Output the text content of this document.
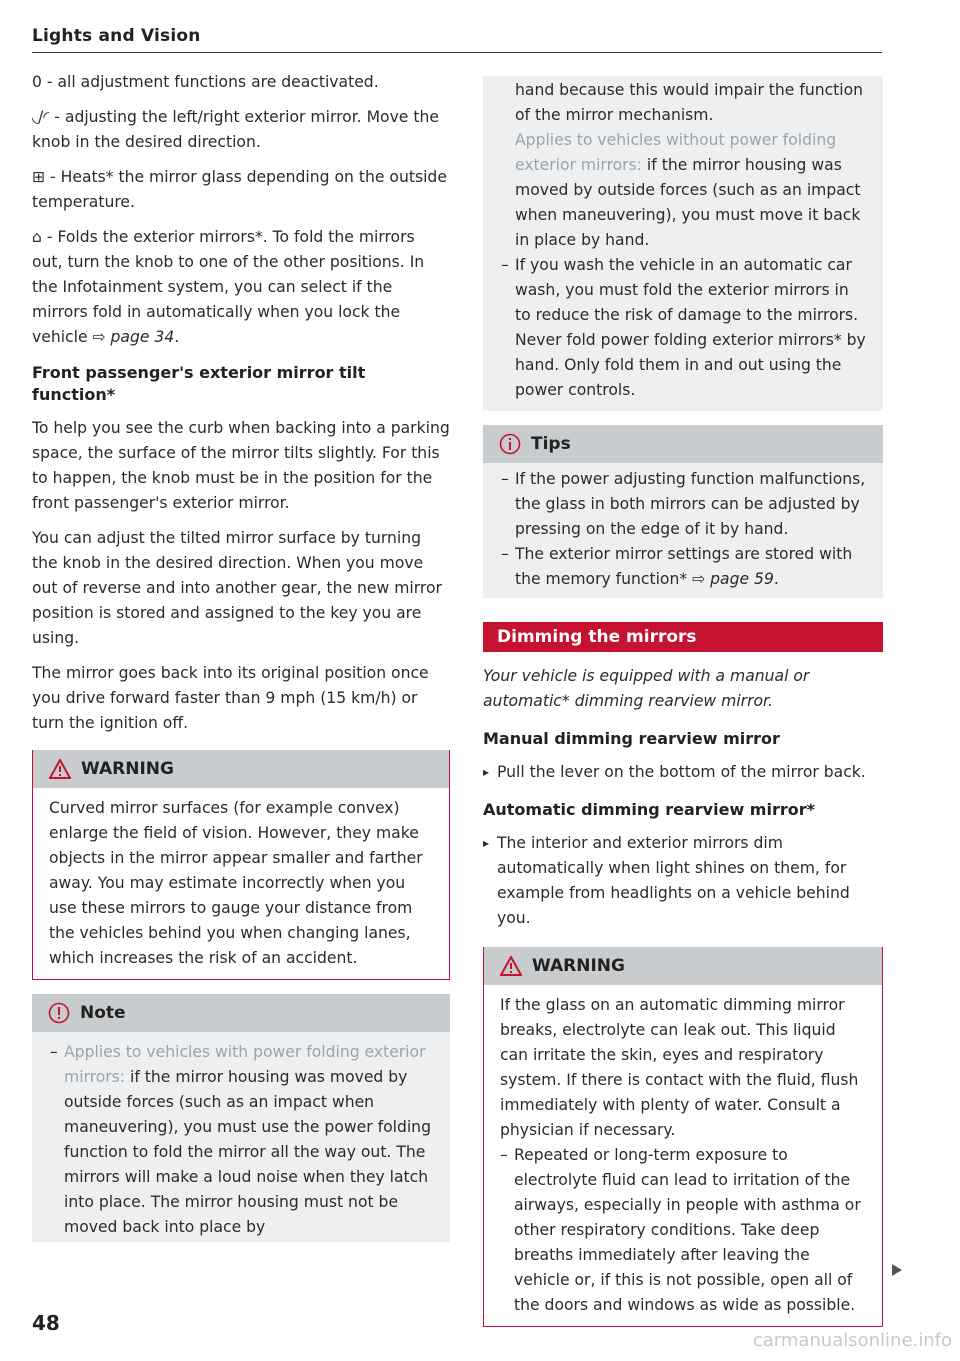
Lights and Vision

0 - all adjustment functions are deactivated.

◟/◜ - adjusting the left/right exterior mirror. Move the knob in the desired direction.

⊞ - Heats* the mirror glass depending on the outside temperature.

⌂ - Folds the exterior mirrors*. To fold the mirrors out, turn the knob to one of the other positions. In the Infotainment system, you can select if the mirrors fold in automatically when you lock the vehicle ⇨ page 34.

Front passenger's exterior mirror tilt function*

To help you see the curb when backing into a parking space, the surface of the mirror tilts slightly. For this to happen, the knob must be in the position for the front passenger's exterior mirror.

You can adjust the tilted mirror surface by turning the knob in the desired direction. When you move out of reverse and into another gear, the new mirror position is stored and assigned to the key you are using.

The mirror goes back into its original position once you drive forward faster than 9 mph (15 km/h) or turn the ignition off.

WARNING

Curved mirror surfaces (for example convex) enlarge the field of vision. However, they make objects in the mirror appear smaller and farther away. You may estimate incorrectly when you use these mirrors to gauge your distance from the vehicles behind you when changing lanes, which increases the risk of an accident.

Note
– Applies to vehicles with power folding exterior mirrors: if the mirror housing was moved by outside forces (such as an impact when maneuvering), you must use the power folding function to fold the mirror all the way out. The mirrors will make a loud noise when they latch into place. The mirror housing must not be moved back into place by
hand because this would impair the function of the mirror mechanism.
Applies to vehicles without power folding exterior mirrors: if the mirror housing was moved by outside forces (such as an impact when maneuvering), you must move it back in place by hand.
– If you wash the vehicle in an automatic car wash, you must fold the exterior mirrors in to reduce the risk of damage to the mirrors. Never fold power folding exterior mirrors* by hand. Only fold them in and out using the power controls.
Tips
– If the power adjusting function malfunctions, the glass in both mirrors can be adjusted by pressing on the edge of it by hand.
– The exterior mirror settings are stored with the memory function* ⇨ page 59.
Dimming the mirrors

Your vehicle is equipped with a manual or automatic* dimming rearview mirror.

Manual dimming rearview mirror
▸ Pull the lever on the bottom of the mirror back.
Automatic dimming rearview mirror*
▸ The interior and exterior mirrors dim automatically when light shines on them, for example from headlights on a vehicle behind you.
WARNING

If the glass on an automatic dimming mirror breaks, electrolyte can leak out. This liquid can irritate the skin, eyes and respiratory system. If there is contact with the fluid, flush immediately with plenty of water. Consult a physician if necessary.

– Repeated or long-term exposure to electrolyte fluid can lead to irritation of the airways, especially in people with asthma or other respiratory conditions. Take deep breaths immediately after leaving the vehicle or, if this is not possible, open all of the doors and windows as wide as possible.
48
carmanualsonline.info
